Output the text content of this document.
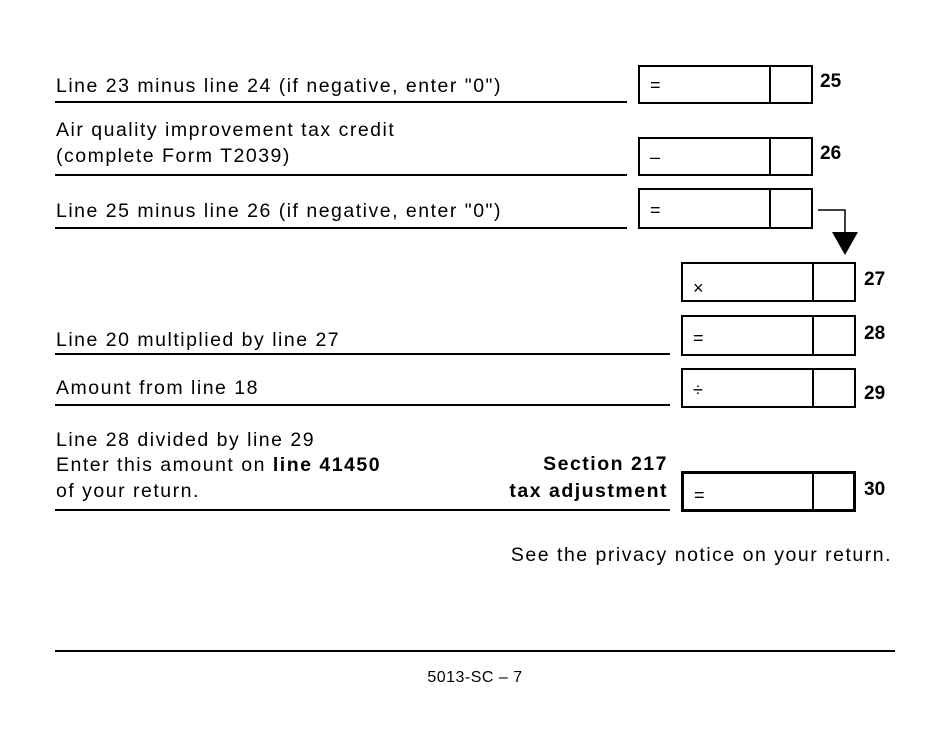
Line 23 minus line 24 (if negative, enter "0")	=	25
Air quality improvement tax credit
(complete Form T2039)	–	26
Line 25 minus line 26 (if negative, enter "0")	=
×	27
Line 20 multiplied by line 27	=	28
Amount from line 18	÷	29
Line 28 divided by line 29
Enter this amount on line 41450
of your return.
Section 217
tax adjustment =	30
See the privacy notice on your return.
5013-SC – 7
